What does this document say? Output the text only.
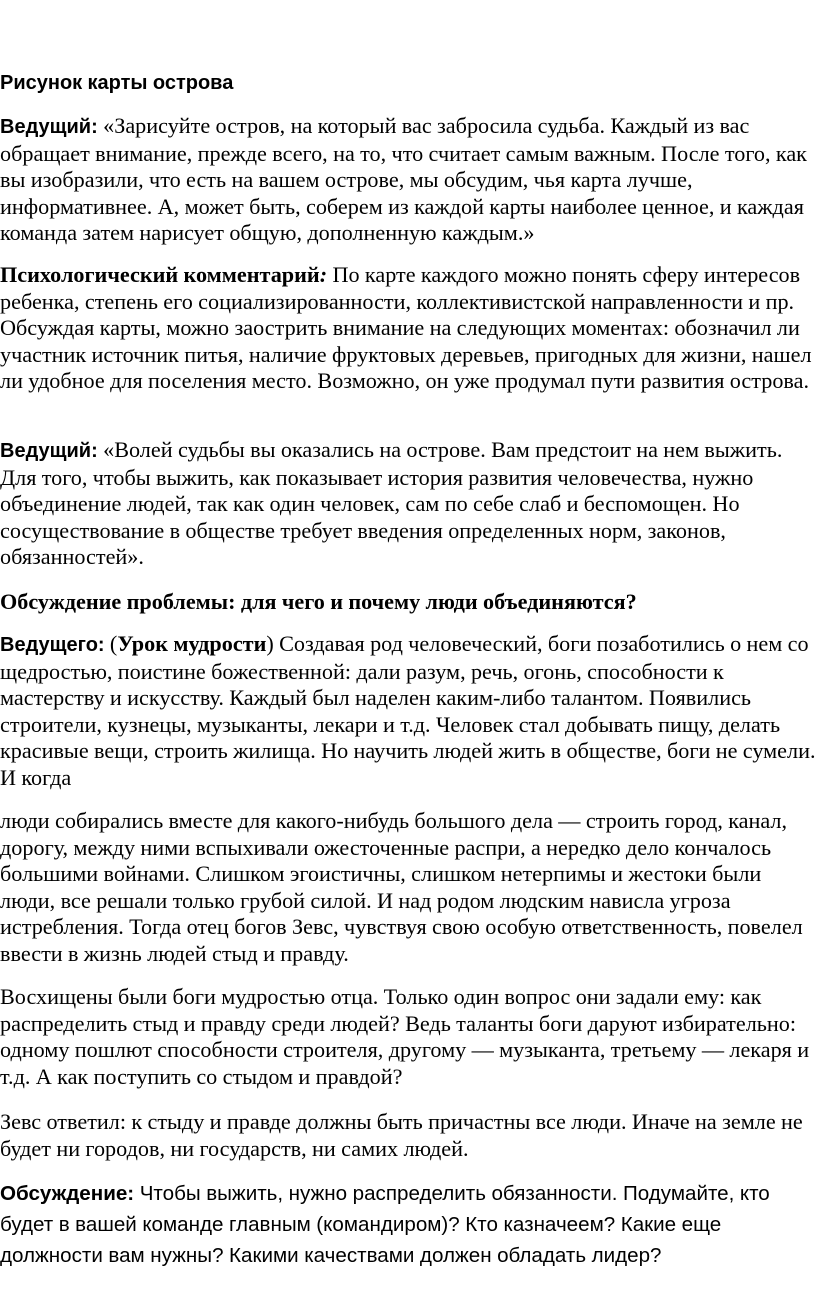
Рисунок карты острова

Ведущий: «Зарисуйте остров, на который вас забросила судьба. Каждый из вас обращает внимание, прежде всего, на то, что считает самым важным. После того, как вы изобразили, что есть на вашем острове, мы обсудим, чья карта лучше, информативнее. А, может быть, соберем из каждой карты наиболее ценное, и каждая команда затем нарисует общую, дополненную каждым.»

Психологический комментарий: По карте каждого можно понять сферу интересов ребенка, степень его социализированности, коллективистской направленности и пр. Обсуждая карты, можно заострить внимание на следующих моментах: обозначил ли участник источник питья, наличие фруктовых деревьев, пригодных для жизни, нашел ли удобное для поселения место. Возможно, он уже продумал пути развития острова.

Ведущий: «Волей судьбы вы оказались на острове. Вам предстоит на нем выжить. Для того, чтобы выжить, как показывает история развития человечества, нужно объединение людей, так как один человек, сам по себе слаб и беспомощен. Но сосуществование в обществе требует введения определенных норм, законов, обязанностей».

Обсуждение проблемы: для чего и почему люди объединяются?

Ведущего: (Урок мудрости) Создавая род человеческий, боги позаботились о нем со щедростью, поистине божественной: дали разум, речь, огонь, способности к мастерству и искусству. Каждый был наделен каким-либо талантом. Появились строители, кузнецы, музыканты, лекари и т.д. Человек стал добывать пищу, делать красивые вещи, строить жилища. Но научить людей жить в обществе, боги не сумели. И когда

люди собирались вместе для какого-нибудь большого дела — строить город, канал, дорогу, между ними вспыхивали ожесточенные распри, а нередко дело кончалось большими войнами. Слишком эгоистичны, слишком нетерпимы и жестоки были люди, все решали только грубой силой. И над родом людским нависла угроза истребления. Тогда отец богов Зевс, чувствуя свою особую ответственность, повелел ввести в жизнь людей стыд и правду.

Восхищены были боги мудростью отца. Только один вопрос они задали ему: как распределить стыд и правду среди людей? Ведь таланты боги даруют избирательно: одному пошлют способности строителя, другому — музыканта, третьему — лекаря и т.д. А как поступить со стыдом и правдой?

Зевс ответил: к стыду и правде должны быть причастны все люди. Иначе на земле не будет ни городов, ни государств, ни самих людей.

Обсуждение: Чтобы выжить, нужно распределить обязанности. Подумайте, кто будет в вашей команде главным (командиром)? Кто казначеем? Какие еще должности вам нужны? Какими качествами должен обладать лидер?
